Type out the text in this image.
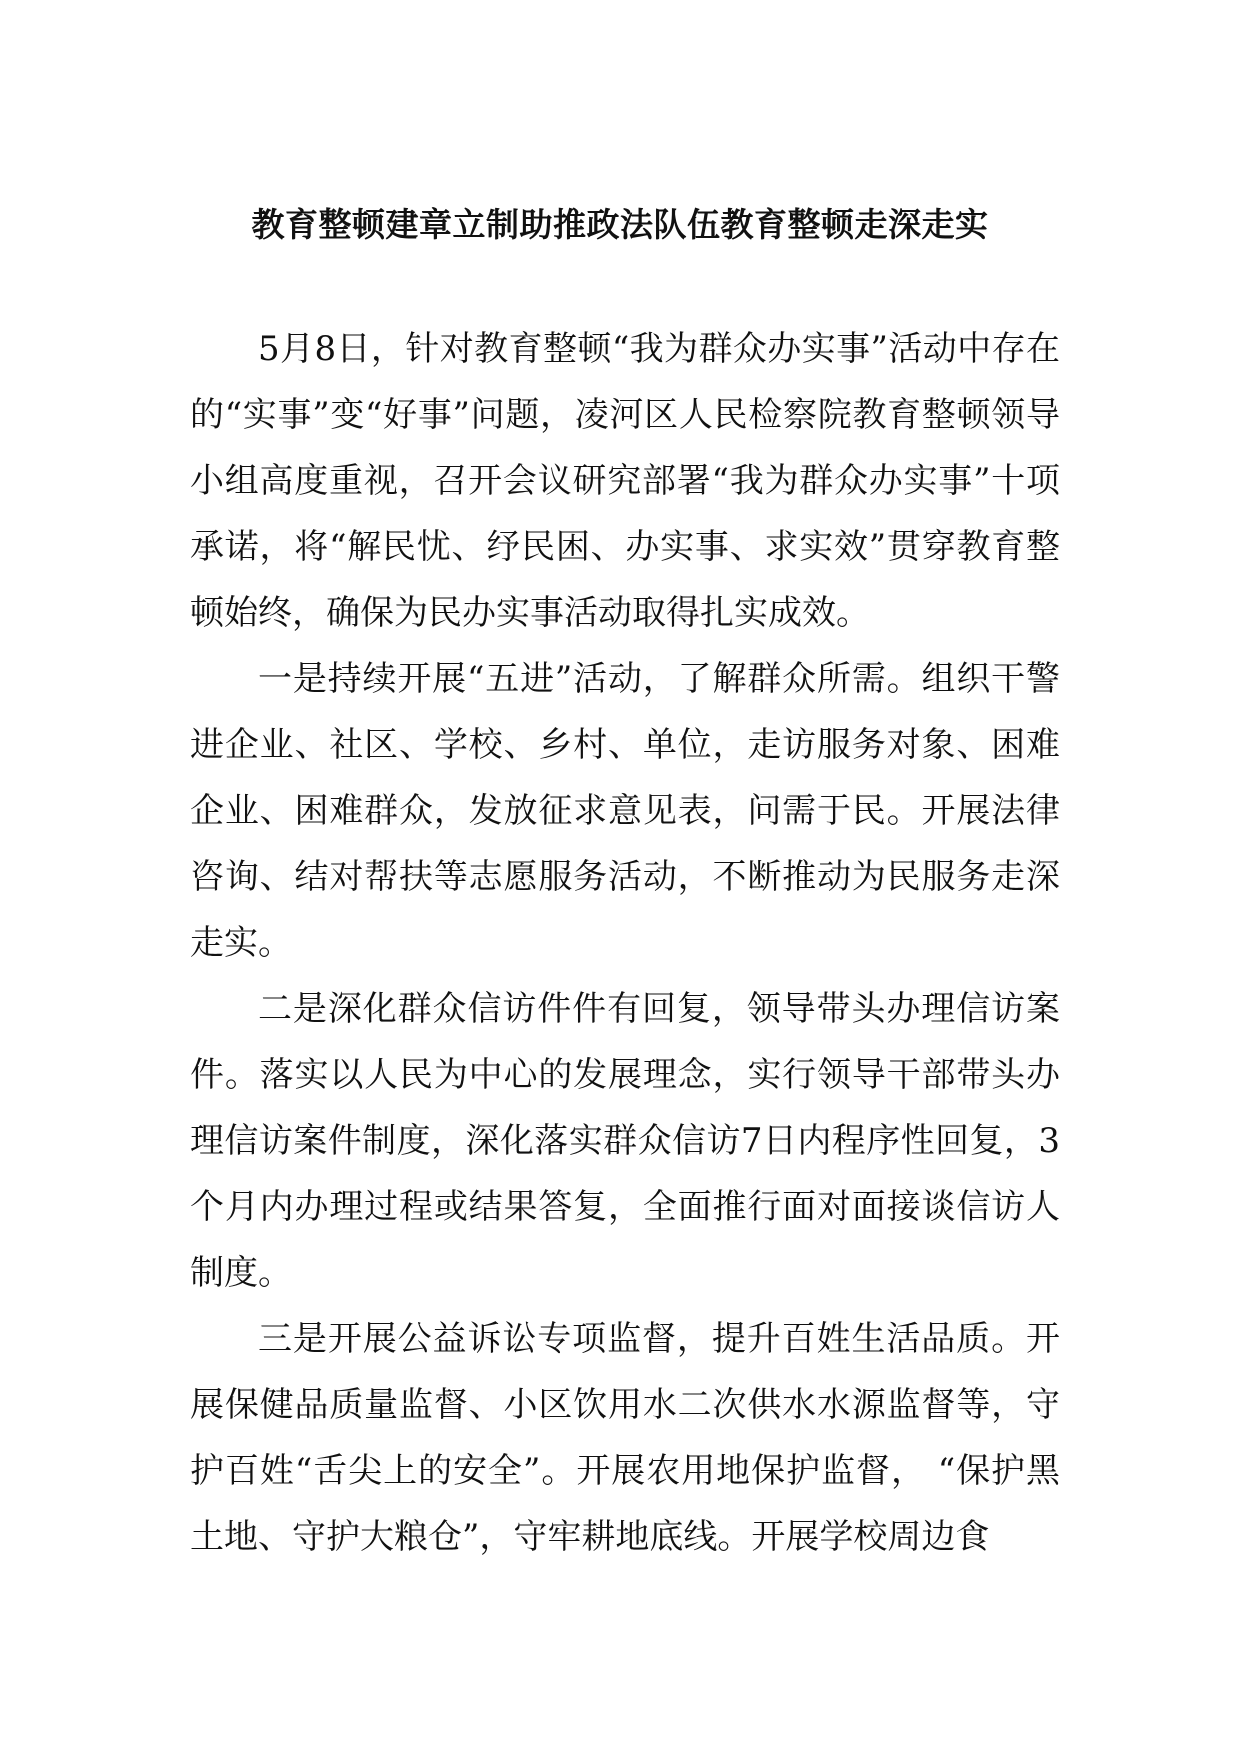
教育整顿建章立制助推政法队伍教育整顿走深走实

5月8日，针对教育整顿“我为群众办实事”活动中存在的“实事”变“好事”问题，凌河区人民检察院教育整顿领导小组高度重视，召开会议研究部署“我为群众办实事”十项承诺，将“解民忧、纾民困、办实事、求实效”贯穿教育整顿始终，确保为民办实事活动取得扎实成效。

一是持续开展“五进”活动，了解群众所需。组织干警进企业、社区、学校、乡村、单位，走访服务对象、困难企业、困难群众，发放征求意见表，问需于民。开展法律咨询、结对帮扶等志愿服务活动，不断推动为民服务走深走实。

二是深化群众信访件件有回复，领导带头办理信访案件。落实以人民为中心的发展理念，实行领导干部带头办理信访案件制度，深化落实群众信访7日内程序性回复，3个月内办理过程或结果答复，全面推行面对面接谈信访人制度。

三是开展公益诉讼专项监督，提升百姓生活品质。开展保健品质量监督、小区饮用水二次供水水源监督等，守护百姓“舌尖上的安全”。开展农用地保护监督， “保护黑土地、守护大粮仓”，守牢耕地底线。开展学校周边食
